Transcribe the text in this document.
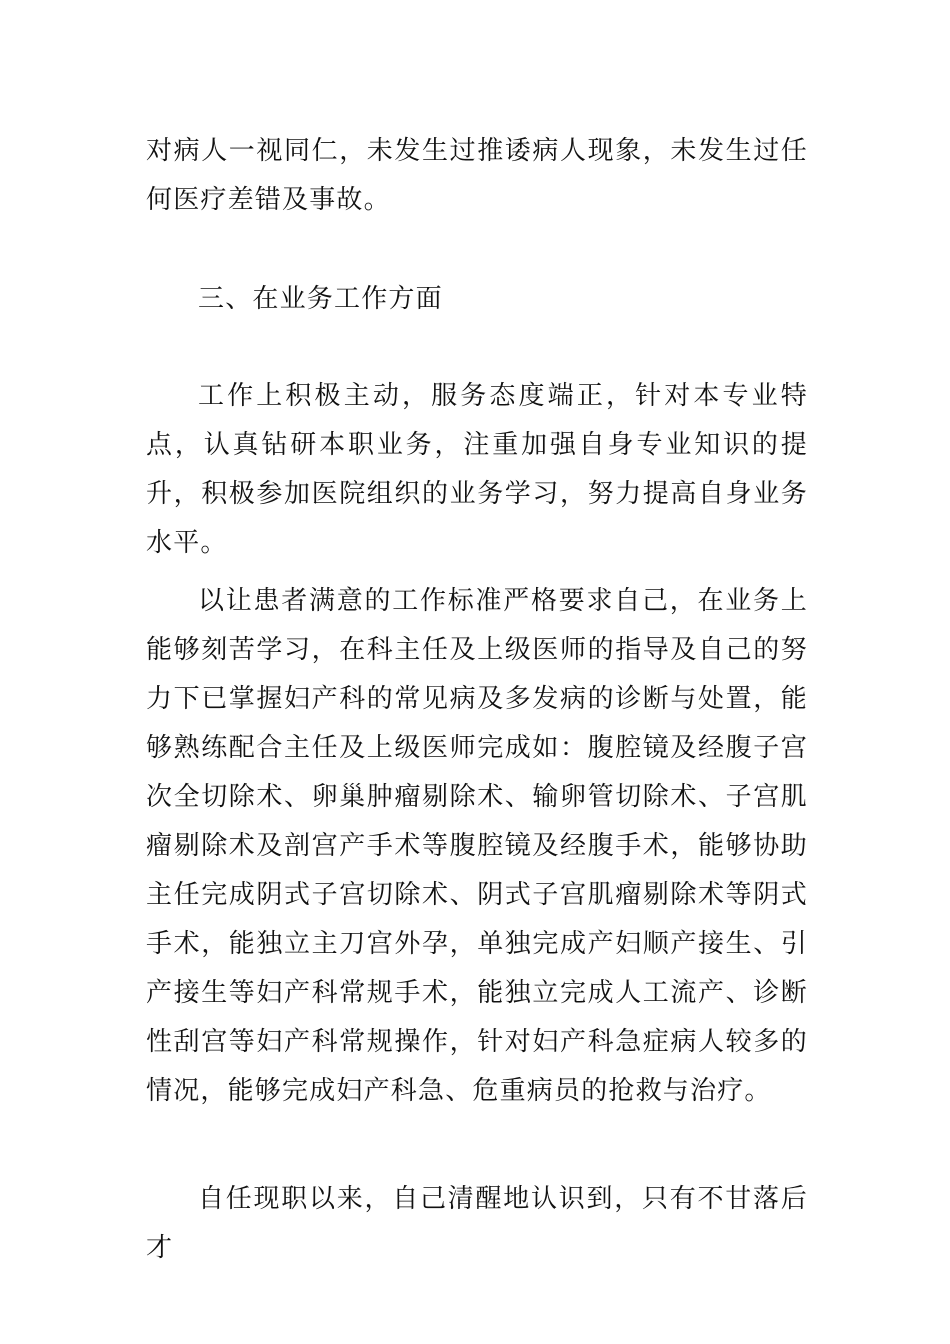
对病人一视同仁，未发生过推诿病人现象，未发生过任何医疗差错及事故。

三、在业务工作方面

工作上积极主动，服务态度端正，针对本专业特点，认真钻研本职业务，注重加强自身专业知识的提升，积极参加医院组织的业务学习，努力提高自身业务水平。

以让患者满意的工作标准严格要求自己，在业务上能够刻苦学习，在科主任及上级医师的指导及自己的努力下已掌握妇产科的常见病及多发病的诊断与处置，能够熟练配合主任及上级医师完成如：腹腔镜及经腹子宫次全切除术、卵巢肿瘤剔除术、输卵管切除术、子宫肌瘤剔除术及剖宫产手术等腹腔镜及经腹手术，能够协助主任完成阴式子宫切除术、阴式子宫肌瘤剔除术等阴式手术，能独立主刀宫外孕，单独完成产妇顺产接生、引产接生等妇产科常规手术，能独立完成人工流产、诊断性刮宫等妇产科常规操作，针对妇产科急症病人较多的情况，能够完成妇产科急、危重病员的抢救与治疗。

自任现职以来，自己清醒地认识到，只有不甘落后才
